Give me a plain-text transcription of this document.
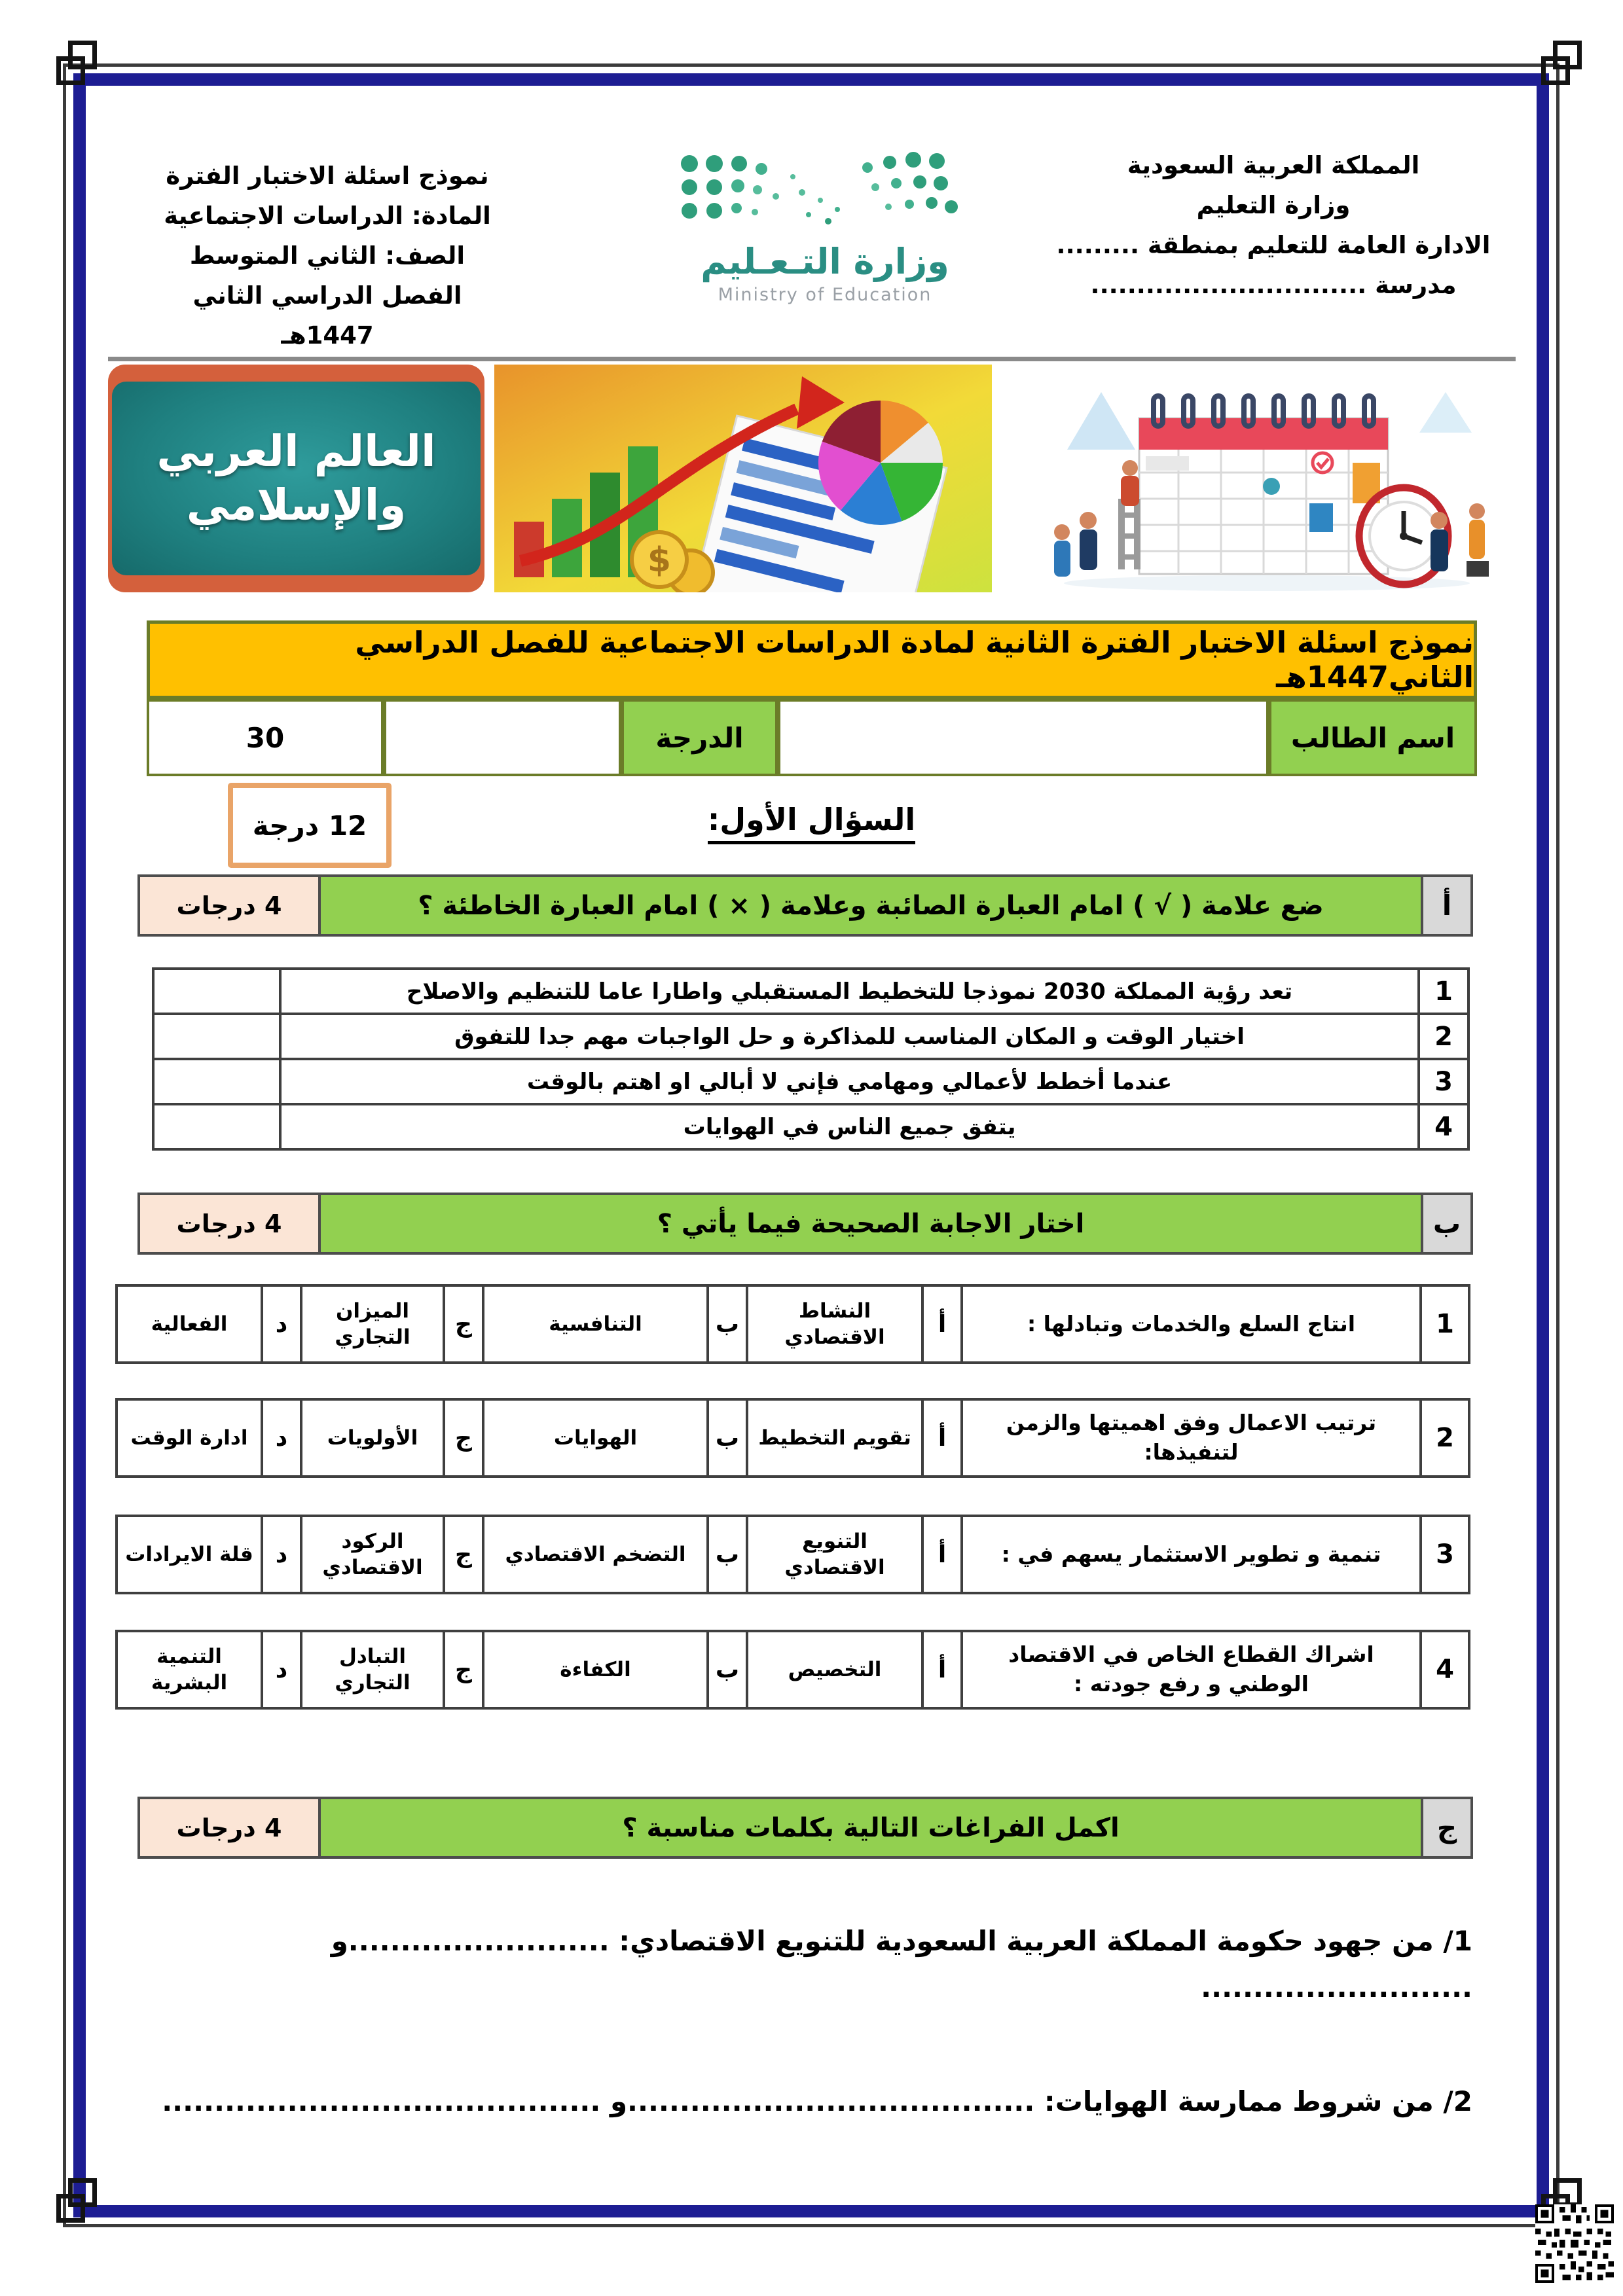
المملكة العربية السعودية
وزارة التعليم
الادارة العامة للتعليم بمنطقة .........
مدرسة ..............................
وزارة التـعـليم
Ministry of Education
نموذج اسئلة الاختبار الفترة
المادة: الدراسات الاجتماعية
الصف: الثاني المتوسط
الفصل الدراسي الثاني
1447هـ
العالم العربي والإسلامي
$
نموذج اسئلة الاختبار الفترة الثانية لمادة الدراسات الاجتماعية للفصل الدراسي الثاني1447هـ
اسم الطالب
الدرجة
30
السؤال الأول:
12 درجة
أ
ضع علامة ( √ ) امام العبارة الصائبة وعلامة ( × ) امام العبارة الخاطئة ؟
4 درجات
1
تعد رؤية المملكة 2030 نموذجا للتخطيط المستقبلي واطارا عاما للتنظيم والاصلاح
2
اختيار الوقت و المكان المناسب للمذاكرة و حل الواجبات مهم جدا للتفوق
3
عندما أخطط لأعمالي ومهامي فإني لا أبالي او اهتم بالوقت
4
يتفق جميع الناس في الهوايات
ب
اختار الاجابة الصحيحة فيما يأتي ؟
4 درجات
1
انتاج السلع والخدمات وتبادلها :
أ
النشاط الاقتصادي
ب
التنافسية
ج
الميزان التجاري
د
الفعالية
2
ترتيب الاعمال وفق اهميتها والزمن لتنفيذها:
أ
تقويم التخطيط
ب
الهوايات
ج
الأولويات
د
ادارة الوقت
3
تنمية و تطوير الاستثمار يسهم في :
أ
التنويع الاقتصادي
ب
التضخم الاقتصادي
ج
الركود الاقتصادي
د
قلة الايرادات
4
اشراك القطاع الخاص في الاقتصاد الوطني و رفع جودته :
أ
التخصيص
ب
الكفاءة
ج
التبادل التجاري
د
التنمية البشرية
ج
اكمل الفراغات التالية بكلمات مناسبة ؟
4 درجات
1/ من جهود حكومة المملكة العربية السعودية للتنويع الاقتصادي: .........................و ..........................
2/ من شروط ممارسة الهوايات: .......................................و ..........................................
